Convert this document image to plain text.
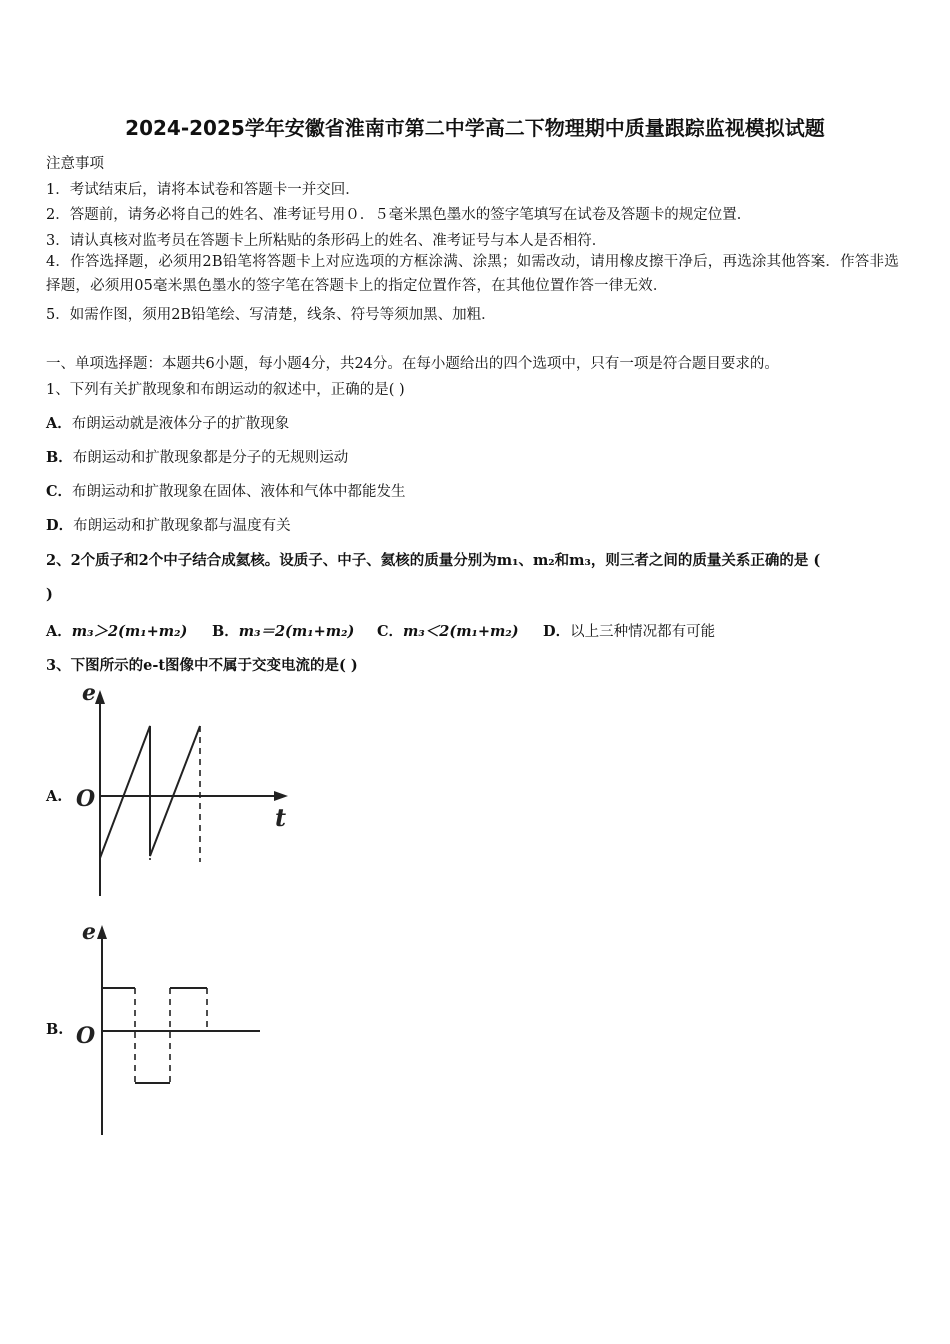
2024-2025学年安徽省淮南市第二中学高二下物理期中质量跟踪监视模拟试题
注意事项
1．考试结束后，请将本试卷和答题卡一并交回．
2．答题前，请务必将自己的姓名、准考证号用０．５毫米黑色墨水的签字笔填写在试卷及答题卡的规定位置．
3．请认真核对监考员在答题卡上所粘贴的条形码上的姓名、准考证号与本人是否相符．
4．作答选择题，必须用2B铅笔将答题卡上对应选项的方框涂满、涂黑；如需改动，请用橡皮擦干净后，再选涂其他答案．作答非选择题，必须用05毫米黑色墨水的签字笔在答题卡上的指定位置作答，在其他位置作答一律无效．
5．如需作图，须用2B铅笔绘、写清楚，线条、符号等须加黑、加粗．
一、单项选择题：本题共6小题，每小题4分，共24分。在每小题给出的四个选项中，只有一项是符合题目要求的。
1、下列有关扩散现象和布朗运动的叙述中，正确的是( )
A．布朗运动就是液体分子的扩散现象
B．布朗运动和扩散现象都是分子的无规则运动
C．布朗运动和扩散现象在固体、液体和气体中都能发生
D．布朗运动和扩散现象都与温度有关
2、2个质子和2个中子结合成氦核。设质子、中子、氦核的质量分别为m₁、m₂和m₃，则三者之间的质量关系正确的是 (
)
A．m₃＞2(m₁+m₂) B．m₃＝2(m₁+m₂) C．m₃＜2(m₁+m₂) D．以上三种情况都有可能
3、下图所示的e-t图像中不属于交变电流的是( )
A.
e
O
t
B.
e
O
